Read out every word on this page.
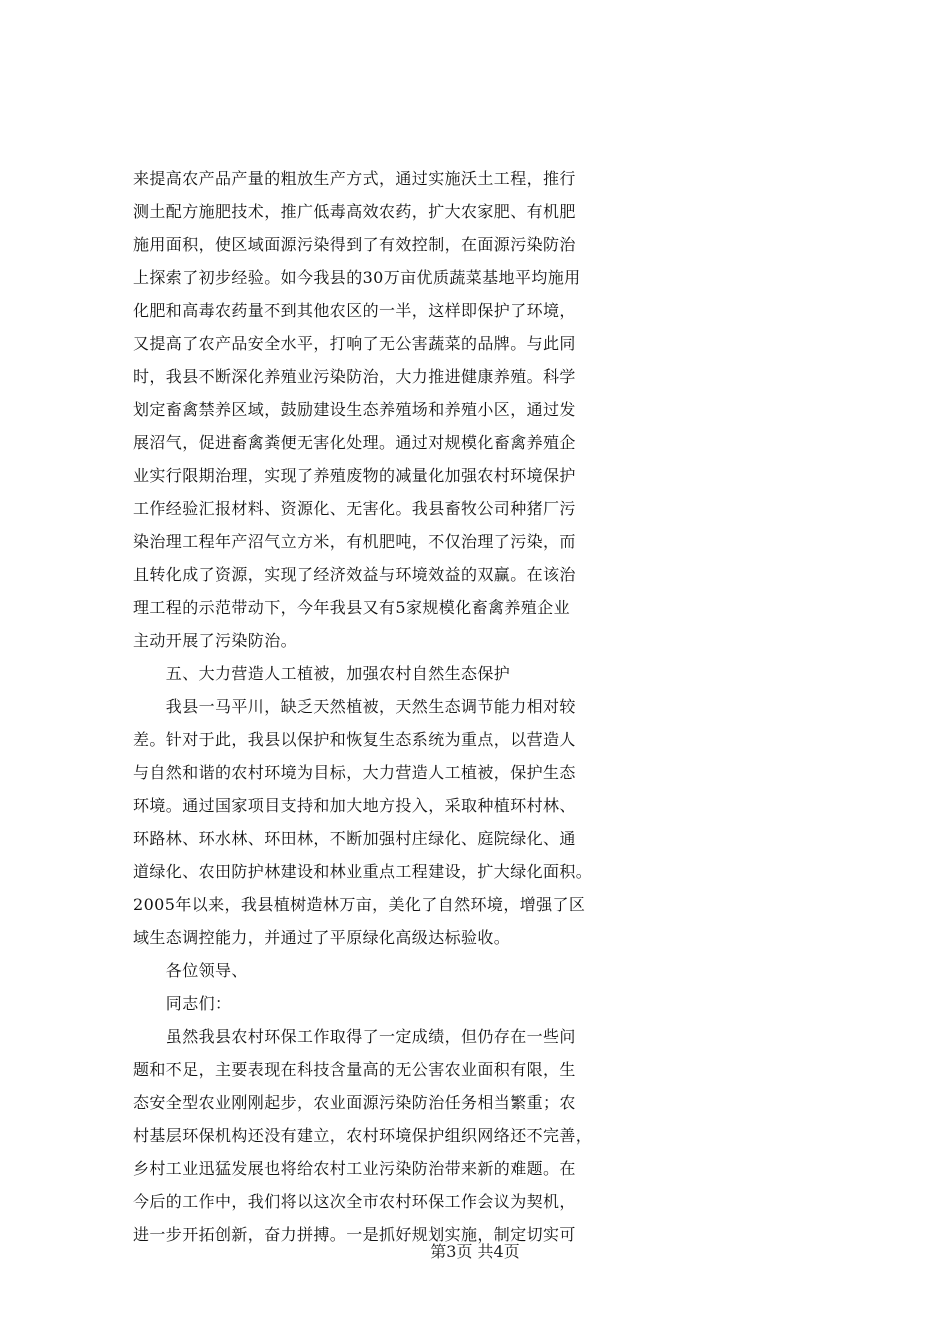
来提高农产品产量的粗放生产方式，通过实施沃土工程，推行
测土配方施肥技术，推广低毒高效农药，扩大农家肥、有机肥
施用面积，使区域面源污染得到了有效控制，在面源污染防治
上探索了初步经验。如今我县的30万亩优质蔬菜基地平均施用
化肥和高毒农药量不到其他农区的一半，这样即保护了环境，
又提高了农产品安全水平，打响了无公害蔬菜的品牌。与此同
时，我县不断深化养殖业污染防治，大力推进健康养殖。科学
划定畜禽禁养区域，鼓励建设生态养殖场和养殖小区，通过发
展沼气，促进畜禽粪便无害化处理。通过对规模化畜禽养殖企
业实行限期治理，实现了养殖废物的减量化加强农村环境保护
工作经验汇报材料、资源化、无害化。我县畜牧公司种猪厂污
染治理工程年产沼气立方米，有机肥吨，不仅治理了污染，而
且转化成了资源，实现了经济效益与环境效益的双赢。在该治
理工程的示范带动下，今年我县又有5家规模化畜禽养殖企业
主动开展了污染防治。
　　五、大力营造人工植被，加强农村自然生态保护
　　我县一马平川，缺乏天然植被，天然生态调节能力相对较
差。针对于此，我县以保护和恢复生态系统为重点，以营造人
与自然和谐的农村环境为目标，大力营造人工植被，保护生态
环境。通过国家项目支持和加大地方投入，采取种植环村林、
环路林、环水林、环田林，不断加强村庄绿化、庭院绿化、通
道绿化、农田防护林建设和林业重点工程建设，扩大绿化面积。
2005年以来，我县植树造林万亩，美化了自然环境，增强了区
域生态调控能力，并通过了平原绿化高级达标验收。
　　各位领导、
　　同志们：
　　虽然我县农村环保工作取得了一定成绩，但仍存在一些问
题和不足，主要表现在科技含量高的无公害农业面积有限，生
态安全型农业刚刚起步，农业面源污染防治任务相当繁重；农
村基层环保机构还没有建立，农村环境保护组织网络还不完善，
乡村工业迅猛发展也将给农村工业污染防治带来新的难题。在
今后的工作中，我们将以这次全市农村环保工作会议为契机，
进一步开拓创新，奋力拼搏。一是抓好规划实施，制定切实可
第3页 共4页
